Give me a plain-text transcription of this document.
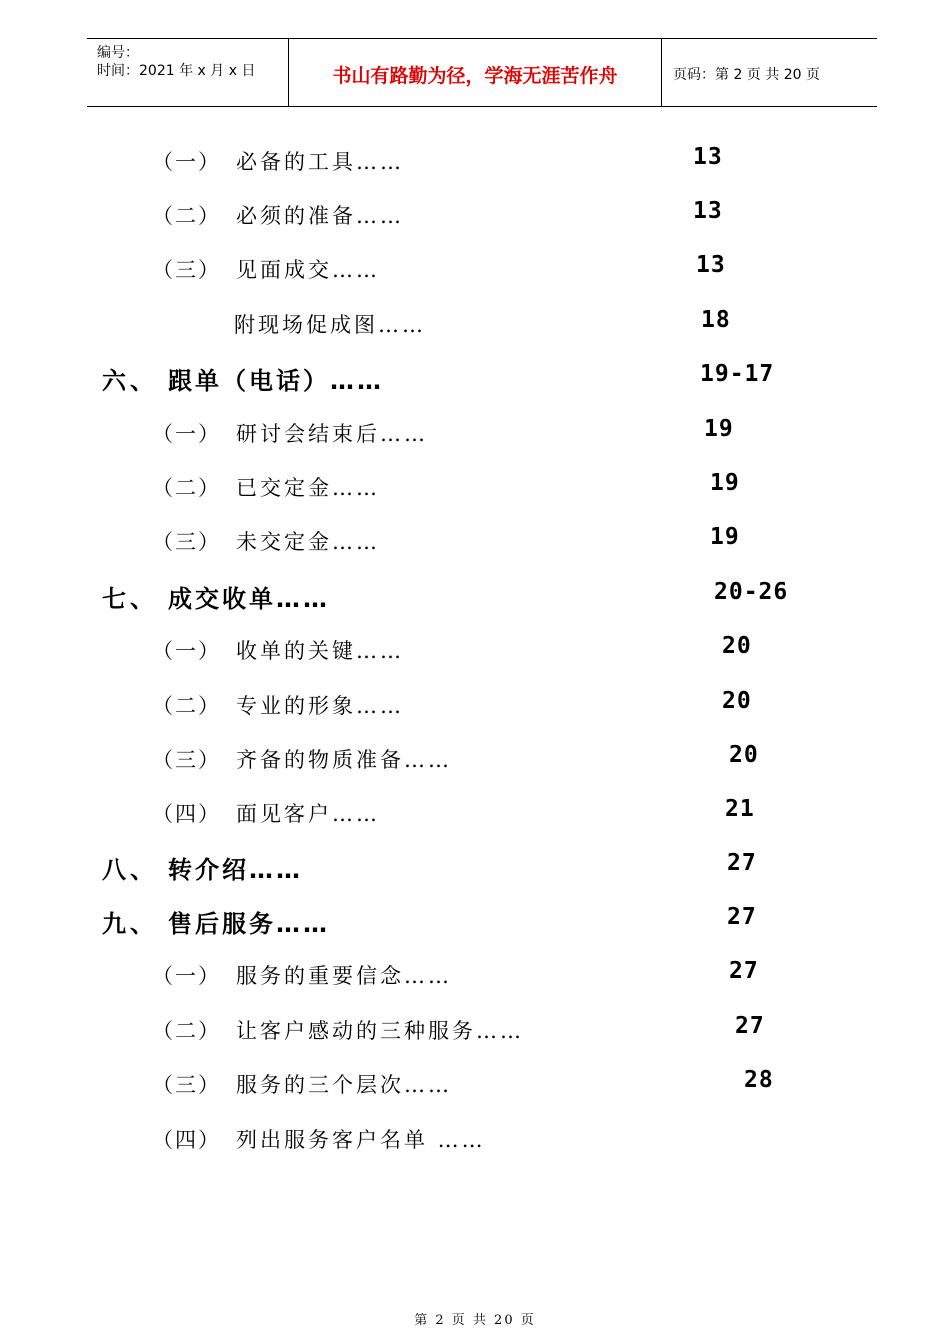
编号：
时间：2021 年 x 月 x 日	书山有路勤为径，学海无涯苦作舟	页码：第 2 页 共 20 页
（一） 必备的工具……	13
（二） 必须的准备……	13
（三） 见面成交……	13
附现场促成图……	18
六、 跟单（电话）……	19-17
（一） 研讨会结束后……	19
（二） 已交定金……	19
（三） 未交定金……	19
七、 成交收单……	20-26
（一） 收单的关键……	20
（二） 专业的形象……	20
（三） 齐备的物质准备……	20
（四） 面见客户……	21
八、 转介绍……	27
九、 售后服务……	27
（一） 服务的重要信念……	27
（二） 让客户感动的三种服务……	27
（三） 服务的三个层次……	28
（四） 列出服务客户名单 ……
第 2 页 共 20 页
